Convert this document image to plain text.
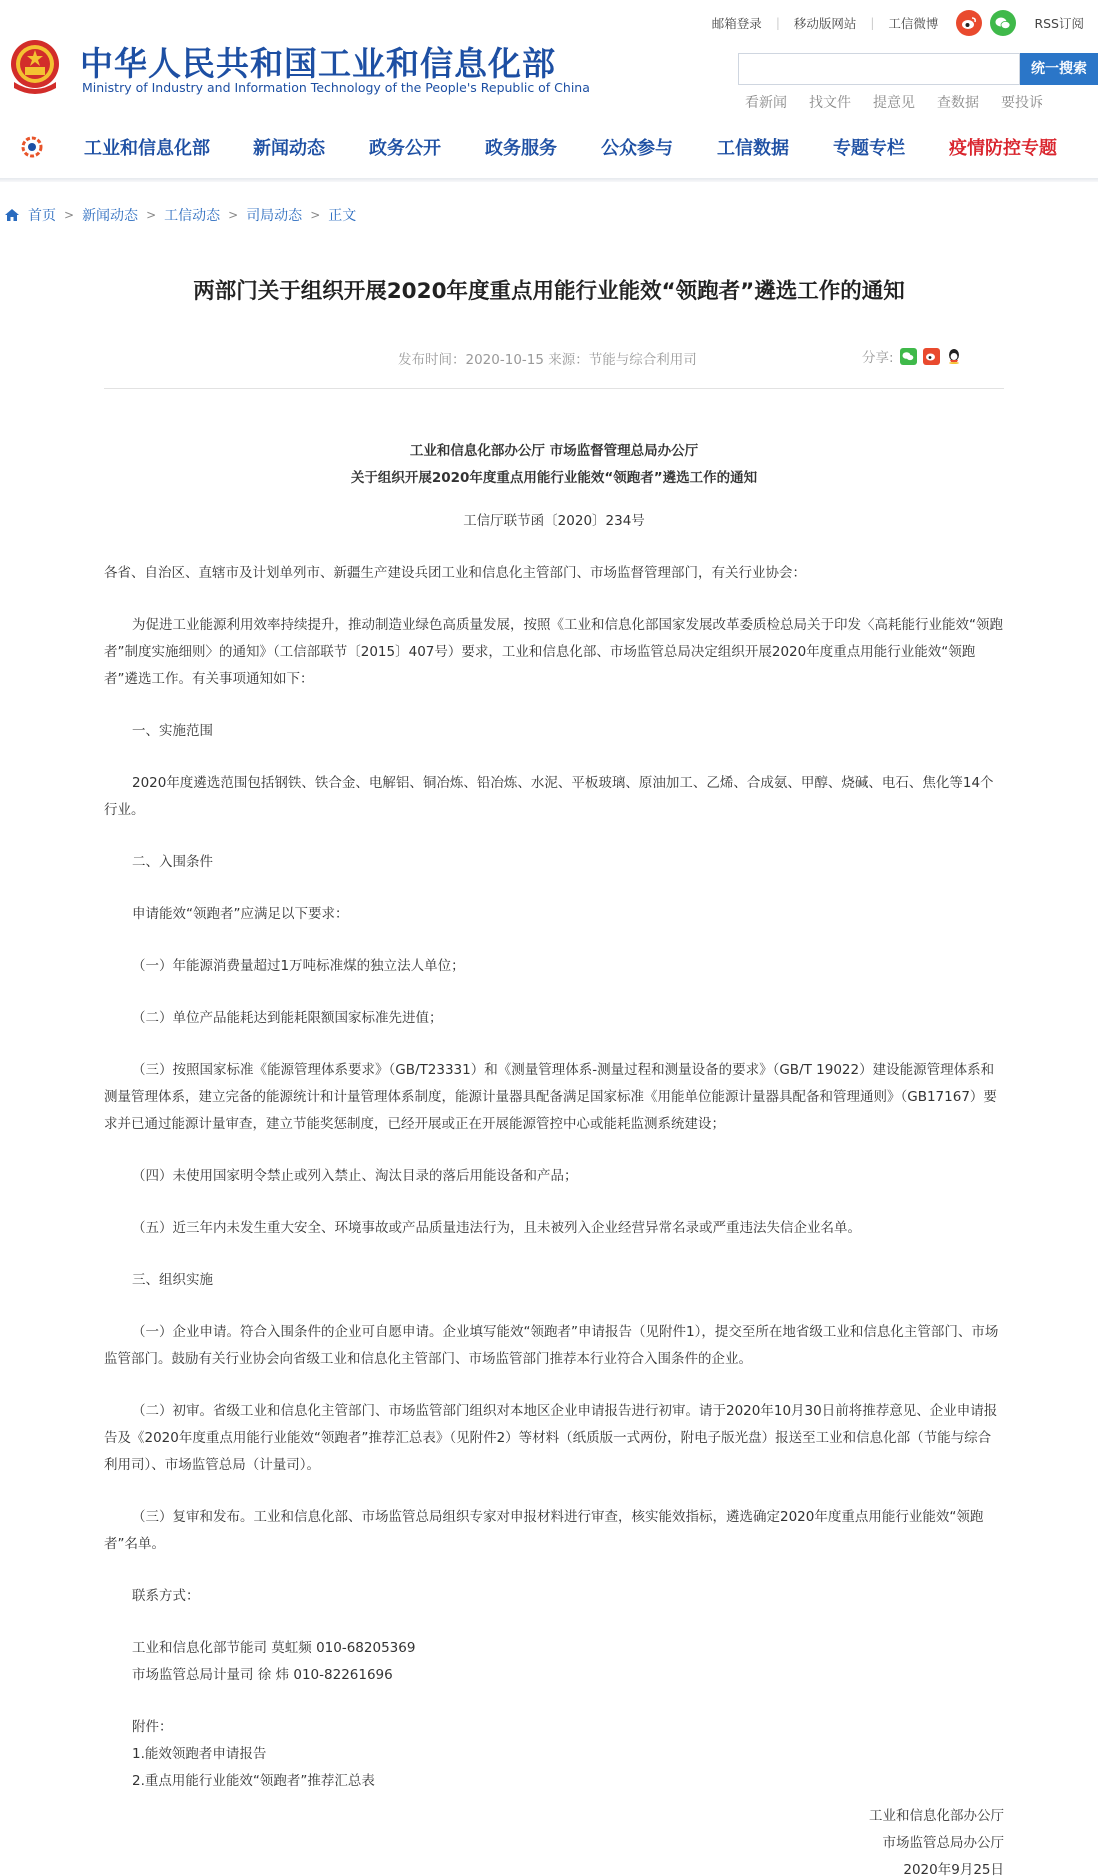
中华人民共和国工业和信息化部
Ministry of Industry and Information Technology of the People's Republic of China
邮箱登录	|	移动版网站	|	工信微博	RSS订阅
统一搜索
看新闻 找文件 提意见 查数据 要投诉
工业和信息化部 新闻动态 政务公开 政务服务 公众参与 工信数据 专题专栏 疫情防控专题
首页 > 新闻动态 > 工信动态 > 司局动态 > 正文
两部门关于组织开展2020年度重点用能行业能效“领跑者”遴选工作的通知
发布时间：2020-10-15 来源：节能与综合利用司	分享:
工业和信息化部办公厅 市场监督管理总局办公厅
关于组织开展2020年度重点用能行业能效“领跑者”遴选工作的通知
工信厅联节函〔2020〕234号
各省、自治区、直辖市及计划单列市、新疆生产建设兵团工业和信息化主管部门、市场监督管理部门，有关行业协会：
为促进工业能源利用效率持续提升，推动制造业绿色高质量发展，按照《工业和信息化部国家发展改革委质检总局关于印发〈高耗能行业能效“领跑者”制度实施细则〉的通知》（工信部联节〔2015〕407号）要求，工业和信息化部、市场监管总局决定组织开展2020年度重点用能行业能效“领跑者”遴选工作。有关事项通知如下：
一、实施范围
2020年度遴选范围包括钢铁、铁合金、电解铝、铜冶炼、铅冶炼、水泥、平板玻璃、原油加工、乙烯、合成氨、甲醇、烧碱、电石、焦化等14个行业。
二、入围条件
申请能效“领跑者”应满足以下要求：
（一）年能源消费量超过1万吨标准煤的独立法人单位；
（二）单位产品能耗达到能耗限额国家标准先进值；
（三）按照国家标准《能源管理体系要求》（GB/T23331）和《测量管理体系-测量过程和测量设备的要求》（GB/T 19022）建设能源管理体系和测量管理体系，建立完备的能源统计和计量管理体系制度，能源计量器具配备满足国家标准《用能单位能源计量器具配备和管理通则》（GB17167）要求并已通过能源计量审查，建立节能奖惩制度，已经开展或正在开展能源管控中心或能耗监测系统建设；
（四）未使用国家明令禁止或列入禁止、淘汰目录的落后用能设备和产品；
（五）近三年内未发生重大安全、环境事故或产品质量违法行为，且未被列入企业经营异常名录或严重违法失信企业名单。
三、组织实施
（一）企业申请。符合入围条件的企业可自愿申请。企业填写能效“领跑者”申请报告（见附件1），提交至所在地省级工业和信息化主管部门、市场监管部门。鼓励有关行业协会向省级工业和信息化主管部门、市场监管部门推荐本行业符合入围条件的企业。
（二）初审。省级工业和信息化主管部门、市场监管部门组织对本地区企业申请报告进行初审。请于2020年10月30日前将推荐意见、企业申请报告及《2020年度重点用能行业能效“领跑者”推荐汇总表》（见附件2）等材料（纸质版一式两份，附电子版光盘）报送至工业和信息化部（节能与综合利用司）、市场监管总局（计量司）。
（三）复审和发布。工业和信息化部、市场监管总局组织专家对申报材料进行审查，核实能效指标，遴选确定2020年度重点用能行业能效“领跑者”名单。
联系方式：
工业和信息化部节能司 莫虹频 010-68205369
市场监管总局计量司 徐 炜 010-82261696
附件：
1.能效领跑者申请报告
2.重点用能行业能效“领跑者”推荐汇总表
工业和信息化部办公厅
市场监管总局办公厅
2020年9月25日
